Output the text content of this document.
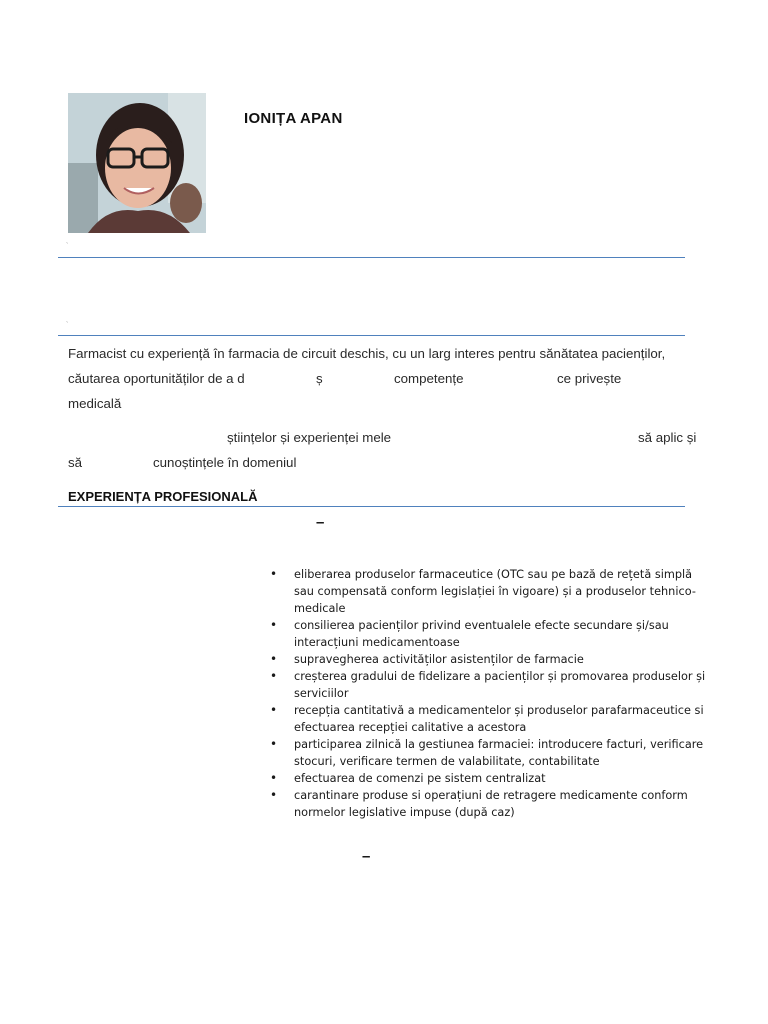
IONIȚA APAN
`
`
Farmacist cu experiență în farmacia de circuit deschis, cu un larg interes pentru sănătatea pacienților,
căutarea oportunităților de a d	ș	competențe	ce privește
medicală
științelor și experienței mele	să aplic și
să	cunoștințele în domeniul
EXPERIENȚA PROFESIONALĂ
–
• eliberarea produselor farmaceutice (OTC sau pe bază de rețetă simplă
sau compensată conform legislației în vigoare) și a produselor tehnico-
medicale
• consilierea pacienților privind eventualele efecte secundare și/sau
interacțiuni medicamentoase
• supravegherea activităților asistenților de farmacie
• creșterea gradului de fidelizare a pacienților și promovarea produselor și
serviciilor
• recepția cantitativă a medicamentelor și produselor parafarmaceutice si
efectuarea recepției calitative a acestora
• participarea zilnică la gestiunea farmaciei: introducere facturi, verificare
stocuri, verificare termen de valabilitate, contabilitate
• efectuarea de comenzi pe sistem centralizat
• carantinare produse si operațiuni de retragere medicamente conform
normelor legislative impuse (după caz)
–
